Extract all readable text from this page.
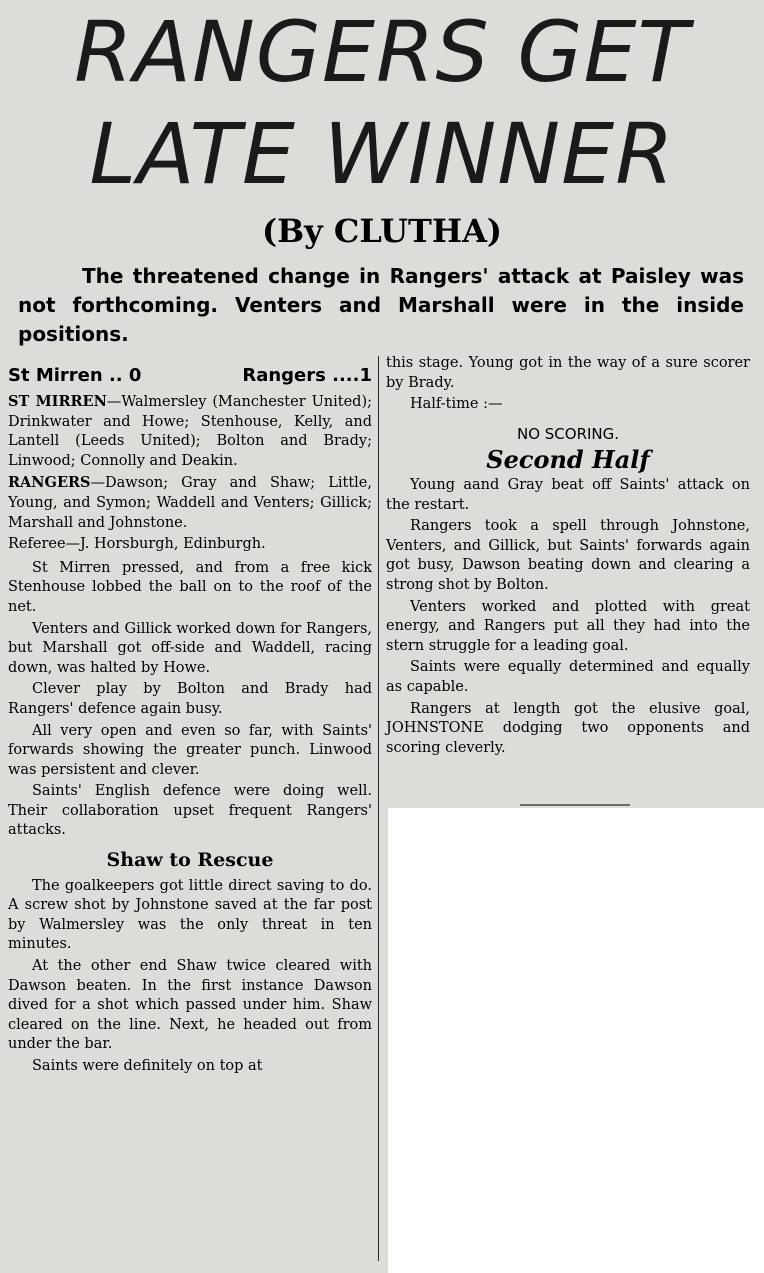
RANGERS GET
LATE WINNER
(By CLUTHA)

The threatened change in Rangers' attack at Paisley was not forthcoming. Venters and Marshall were in the inside positions.

St Mirren .. 0	Rangers ....1

ST MIRREN—Walmersley (Manchester United); Drinkwater and Howe; Stenhouse, Kelly, and Lantell (Leeds United); Bolton and Brady; Linwood; Connolly and Deakin.

RANGERS—Dawson; Gray and Shaw; Little, Young, and Symon; Waddell and Venters; Gillick; Marshall and Johnstone.

Referee—J. Horsburgh, Edinburgh.

St Mirren pressed, and from a free kick Stenhouse lobbed the ball on to the roof of the net.

Venters and Gillick worked down for Rangers, but Marshall got off-side and Waddell, racing down, was halted by Howe.

Clever play by Bolton and Brady had Rangers' defence again busy.

All very open and even so far, with Saints' forwards showing the greater punch. Linwood was persistent and clever.

Saints' English defence were doing well. Their collaboration upset frequent Rangers' attacks.

Shaw to Rescue

The goalkeepers got little direct saving to do. A screw shot by Johnstone saved at the far post by Walmersley was the only threat in ten minutes.

At the other end Shaw twice cleared with Dawson beaten. In the first instance Dawson dived for a shot which passed under him. Shaw cleared on the line. Next, he headed out from under the bar.

Saints were definitely on top at

this stage. Young got in the way of a sure scorer by Brady.

Half-time :—

NO SCORING.

Second Half

Young aand Gray beat off Saints' attack on the restart.

Rangers took a spell through Johnstone, Venters, and Gillick, but Saints' forwards again got busy, Dawson beating down and clearing a strong shot by Bolton.

Venters worked and plotted with great energy, and Rangers put all they had into the stern struggle for a leading goal.

Saints were equally determined and equally as capable.

Rangers at length got the elusive goal, JOHNSTONE dodging two opponents and scoring cleverly.
